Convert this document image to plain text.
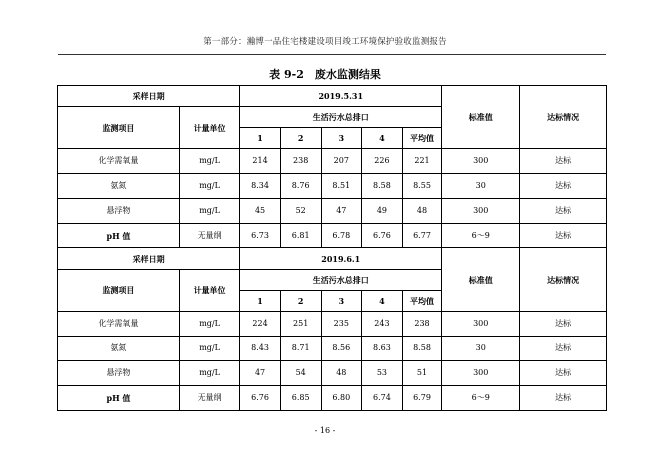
第一部分：瀚博一品住宅楼建设项目竣工环境保护验收监测报告
表 9-2　废水监测结果
采样日期		2019.5.31					标准值	达标情况
监测项目	计量单位	生活污水总排口						
		1	2	3	4	平均值		
化学需氧量	mg/L	214	238	207	226	221	300	达标
氨氮	mg/L	8.34	8.76	8.51	8.58	8.55	30	达标
悬浮物	mg/L	45	52	47	49	48	300	达标
pH 值	无量纲	6.73	6.81	6.78	6.76	6.77	6～9	达标
采样日期		2019.6.1					标准值	达标情况
监测项目	计量单位	生活污水总排口						
		1	2	3	4	平均值		
化学需氧量	mg/L	224	251	235	243	238	300	达标
氨氮	mg/L	8.43	8.71	8.56	8.63	8.58	30	达标
悬浮物	mg/L	47	54	48	53	51	300	达标
pH 值	无量纲	6.76	6.85	6.80	6.74	6.79	6～9	达标
- 16 -
